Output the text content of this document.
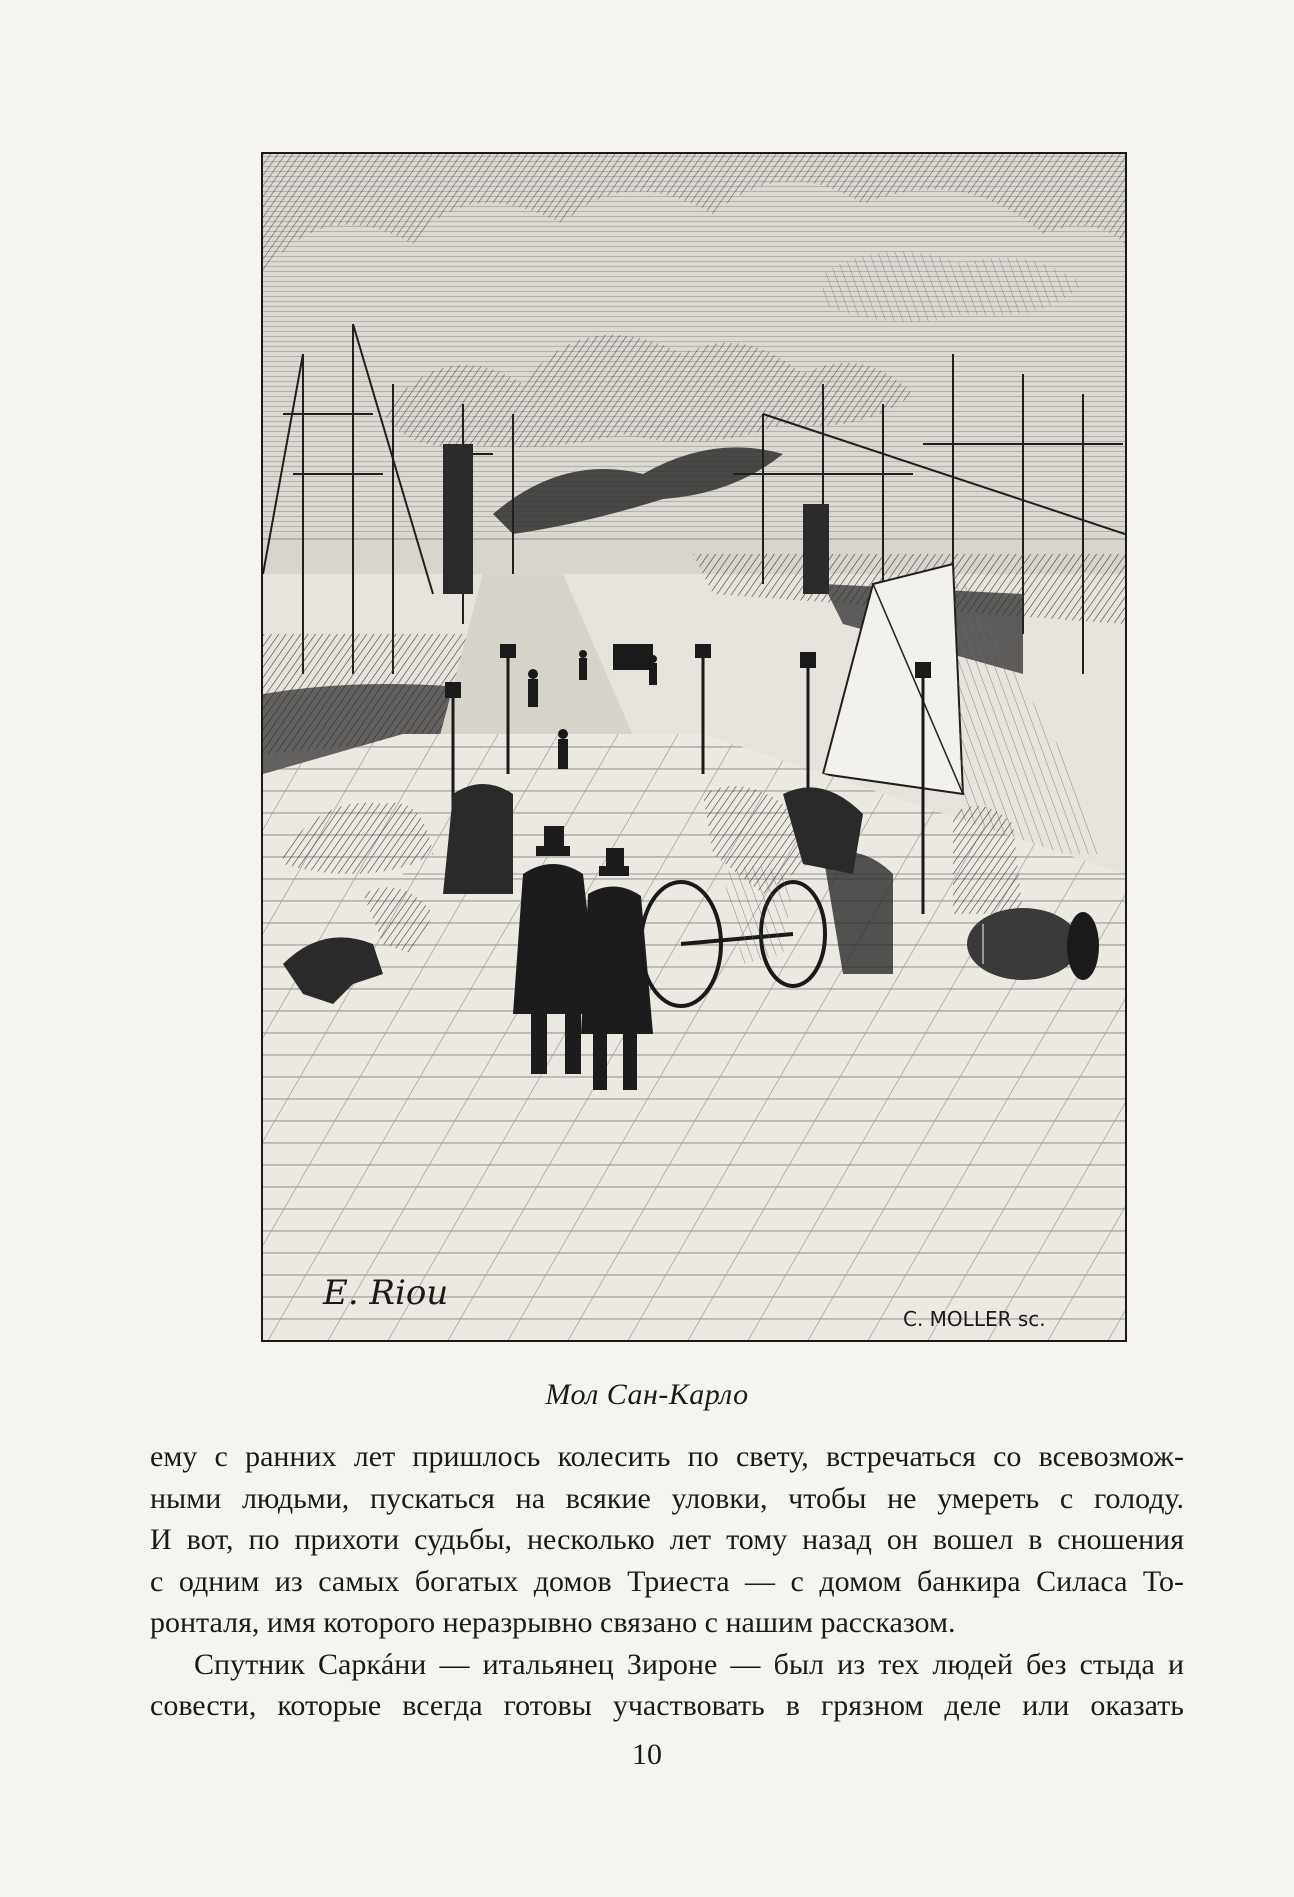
E. Riou
C. MOLLER sc.
Мол Сан-Карло

ему с ранних лет пришлось колесить по свету, встречаться со всевозмож-
ными людьми, пускаться на всякие уловки, чтобы не умереть с голоду.
И вот, по прихоти судьбы, несколько лет тому назад он вошел в сношения
с одним из самых богатых домов Триеста — с домом банкира Силаса То-
ронталя, имя которого неразрывно связано с нашим рассказом.

Спутник Саркáни — итальянец Зироне — был из тех людей без стыда и
совести, которые всегда готовы участвовать в грязном деле или оказать

10
